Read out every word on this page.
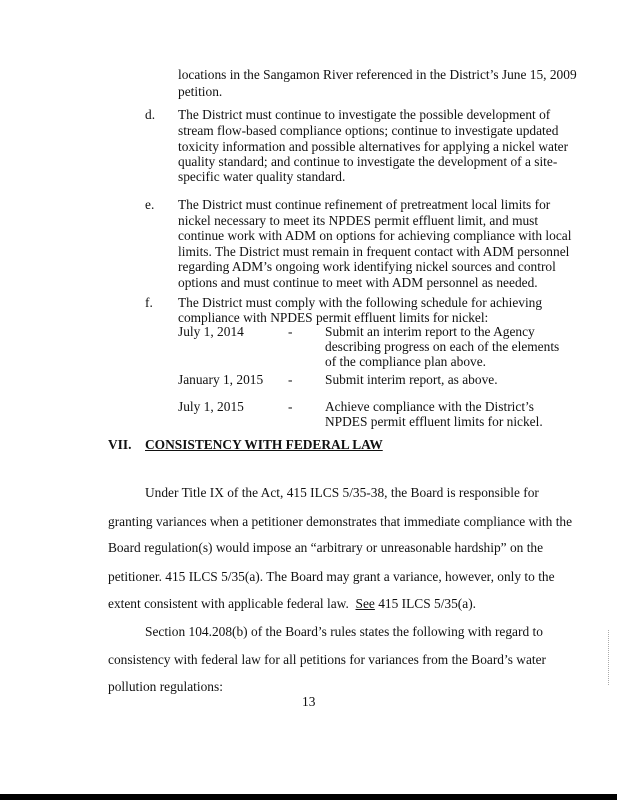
locations in the Sangamon River referenced in the District’s June 15, 2009
petition.
d. The District must continue to investigate the possible development of
stream flow-based compliance options; continue to investigate updated
toxicity information and possible alternatives for applying a nickel water
quality standard; and continue to investigate the development of a site-
specific water quality standard.
e. The District must continue refinement of pretreatment local limits for
nickel necessary to meet its NPDES permit effluent limit, and must
continue work with ADM on options for achieving compliance with local
limits. The District must remain in frequent contact with ADM personnel
regarding ADM’s ongoing work identifying nickel sources and control
options and must continue to meet with ADM personnel as needed.
f. The District must comply with the following schedule for achieving
compliance with NPDES permit effluent limits for nickel:
July 1, 2014	- Submit an interim report to the Agency
describing progress on each of the elements
of the compliance plan above.
January 1, 2015 - Submit interim report, as above.
July 1, 2015	- Achieve compliance with the District’s
NPDES permit effluent limits for nickel.
VII. CONSISTENCY WITH FEDERAL LAW
Under Title IX of the Act, 415 ILCS 5/35-38, the Board is responsible for
granting variances when a petitioner demonstrates that immediate compliance with the
Board regulation(s) would impose an “arbitrary or unreasonable hardship” on the
petitioner. 415 ILCS 5/35(a). The Board may grant a variance, however, only to the
extent consistent with applicable federal law.  See 415 ILCS 5/35(a).
Section 104.208(b) of the Board’s rules states the following with regard to
consistency with federal law for all petitions for variances from the Board’s water
pollution regulations:
13
